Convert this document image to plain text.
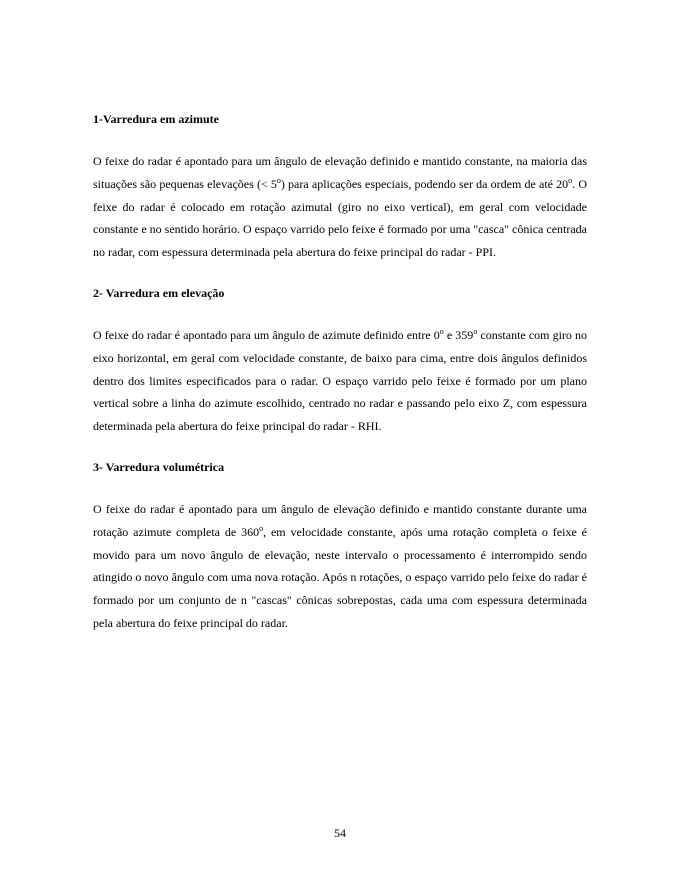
1-Varredura em azimute

O feixe do radar é apontado para um ângulo de elevação definido e mantido constante, na maioria das situações são pequenas elevações (< $5^o$) para aplicações especiais, podendo ser da ordem de até 20$^o$. O feixe do radar é colocado em rotação azimutal (giro no eixo vertical), em geral com velocidade constante e no sentido horário. O espaço varrido pelo feixe é formado por uma "casca" cônica centrada no radar, com espessura determinada pela abertura do feixe principal do radar - PPI.

2- Varredura em elevação

O feixe do radar é apontado para um ângulo de azimute definido entre 0$^o$ e 359$^o$ constante com giro no eixo horizontal, em geral com velocidade constante, de baixo para cima, entre dois ângulos definidos dentro dos limites especificados para o radar. O espaço varrido pelo feixe é formado por um plano vertical sobre a linha do azimute escolhido, centrado no radar e passando pelo eixo Z, com espessura determinada pela abertura do feixe principal do radar - RHI.

3- Varredura volumétrica

O feixe do radar é apontado para um ângulo de elevação definido e mantido constante durante uma rotação azimute completa de 360$^o$, em velocidade constante, após uma rotação completa o feixe é movido para um novo ângulo de elevação, neste intervalo o processamento é interrompido sendo atingido o novo ângulo com uma nova rotação. Após n rotações, o espaço varrido pelo feixe do radar é formado por um conjunto de n "cascas" cônicas sobrepostas, cada uma com espessura determinada pela abertura do feixe principal do radar.

54
